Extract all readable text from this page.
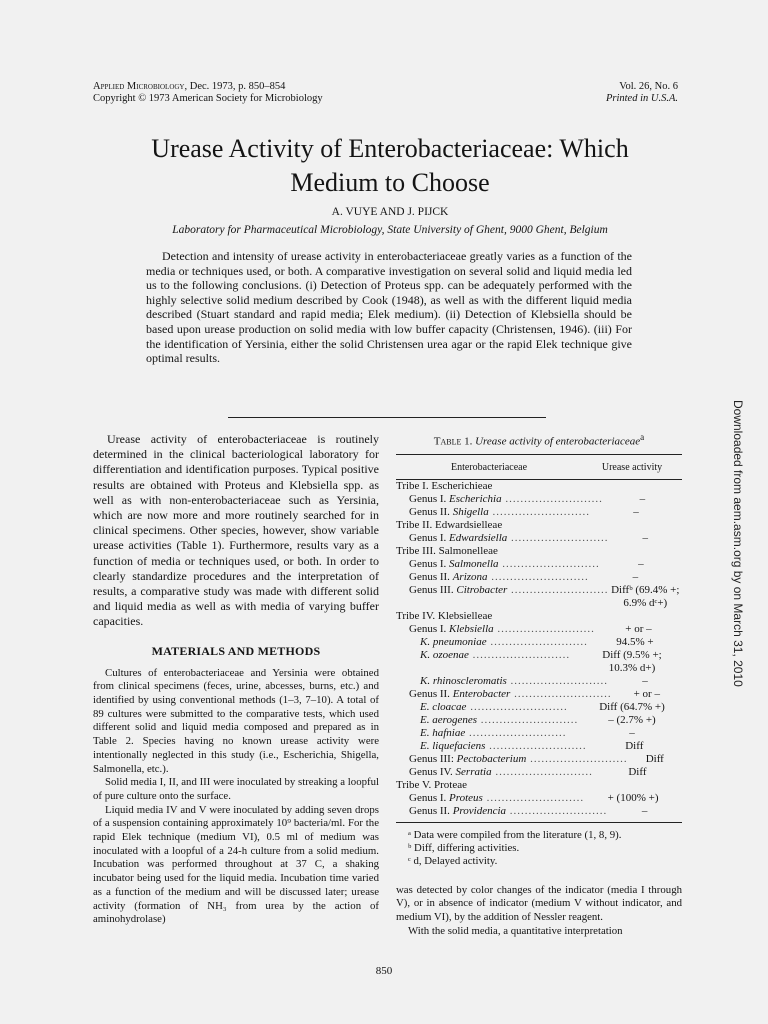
Applied Microbiology, Dec. 1973, p. 850–854
Copyright © 1973 American Society for Microbiology
Vol. 26, No. 6
Printed in U.S.A.
Urease Activity of Enterobacteriaceae: Which
Medium to Choose
A. VUYE AND J. PIJCK
Laboratory for Pharmaceutical Microbiology, State University of Ghent, 9000 Ghent, Belgium

Detection and intensity of urease activity in enterobacteriaceae greatly varies as a function of the media or techniques used, or both. A comparative investigation on several solid and liquid media led us to the following conclusions. (i) Detection of Proteus spp. can be adequately performed with the highly selective solid medium described by Cook (1948), as well as with the different liquid media described (Stuart standard and rapid media; Elek medium). (ii) Detection of Klebsiella should be based upon urease production on solid media with low buffer capacity (Christensen, 1946). (iii) For the identification of Yersinia, either the solid Christensen urea agar or the rapid Elek technique give optimal results.

Urease activity of enterobacteriaceae is routinely determined in the clinical bacteriological laboratory for differentiation and identification purposes. Typical positive results are obtained with Proteus and Klebsiella spp. as well as with non-enterobacteriaceae such as Yersinia, which are now more and more routinely searched for in clinical specimens. Other species, however, show variable urease activities (Table 1). Furthermore, results vary as a function of media or techniques used, or both. In order to clearly standardize procedures and the interpretation of results, a comparative study was made with different solid and liquid media as well as with media of varying buffer capacities.

MATERIALS AND METHODS

Cultures of enterobacteriaceae and Yersinia were obtained from clinical specimens (feces, urine, abcesses, burns, etc.) and identified by using conventional methods (1–3, 7–10). A total of 89 cultures were submitted to the comparative tests, which used different solid and liquid media composed and prepared as in Table 2. Species having no known urease activity were intentionally neglected in this study (i.e., Escherichia, Shigella, Salmonella, etc.).

Solid media I, II, and III were inoculated by streaking a loopful of pure culture onto the surface.

Liquid media IV and V were inoculated by adding seven drops of a suspension containing approximately 10⁹ bacteria/ml. For the rapid Elek technique (medium VI), 0.5 ml of medium was inoculated with a loopful of a 24-h culture from a solid medium. Incubation was performed throughout at 37 C, a shaking incubator being used for the liquid media. Incubation time varied as a function of the medium and will be discussed later; urease activity (formation of NH₃ from urea by the action of aminohydrolase)

Table 1. Urease activity of enterobacteriaceae$^a$
Enterobacteriaceae	Urease activity
Tribe I. Escherichieae
Genus I. Escherichia ..........................	–
Genus II. Shigella ..........................	–
Tribe II. Edwardsielleae
Genus I. Edwardsiella ..........................	–
Tribe III. Salmonelleae
Genus I. Salmonella ..........................	–
Genus II. Arizona ..........................	–
Genus III. Citrobacter .......................... Diffᵇ (69.4% +;
6.9% dᶜ+)
Tribe IV. Klebsielleae
Genus I. Klebsiella ..........................	+ or –
K. pneumoniae ..........................	94.5% +
K. ozoenae ..........................	Diff (9.5% +;
10.3% d+)
K. rhinoscleromatis ..........................	–
Genus II. Enterobacter ..........................	+ or –
E. cloacae ..........................	Diff (64.7% +)
E. aerogenes ..........................	– (2.7% +)
E. hafniae ..........................	–
E. liquefaciens ..........................	Diff
Genus III: Pectobacterium ..........................	Diff
Genus IV. Serratia ..........................	Diff
Tribe V. Proteae
Genus I. Proteus ..........................	+ (100% +)
Genus II. Providencia ..........................	–
ᵃ Data were compiled from the literature (1, 8, 9).
ᵇ Diff, differing activities.
ᶜ d, Delayed activity.

was detected by color changes of the indicator (media I through V), or in absence of indicator (medium V without indicator, and medium VI), by the addition of Nessler reagent.

With the solid media, a quantitative interpretation

850
Downloaded from aem.asm.org by on March 31, 2010
